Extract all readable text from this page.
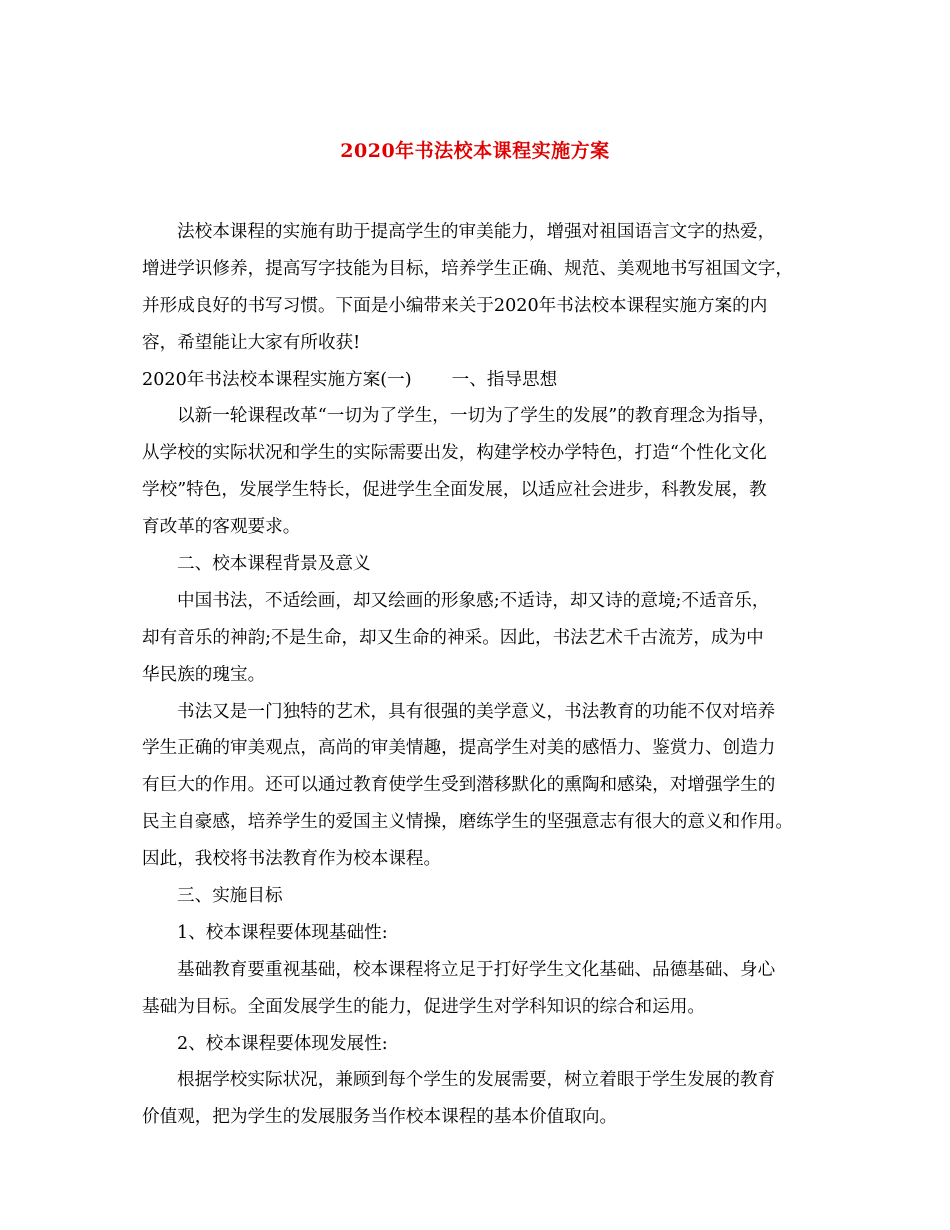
2020年书法校本课程实施方案
法校本课程的实施有助于提高学生的审美能力，增强对祖国语言文字的热爱，
增进学识修养，提高写字技能为目标，培养学生正确、规范、美观地书写祖国文字，
并形成良好的书写习惯。下面是小编带来关于2020年书法校本课程实施方案的内
容，希望能让大家有所收获!
2020年书法校本课程实施方案(一) 一、指导思想
以新一轮课程改革“一切为了学生，一切为了学生的发展”的教育理念为指导，
从学校的实际状况和学生的实际需要出发，构建学校办学特色，打造“个性化文化
学校”特色，发展学生特长，促进学生全面发展，以适应社会进步，科教发展，教
育改革的客观要求。
二、校本课程背景及意义
中国书法，不适绘画，却又绘画的形象感;不适诗，却又诗的意境;不适音乐，
却有音乐的神韵;不是生命，却又生命的神采。因此，书法艺术千古流芳，成为中
华民族的瑰宝。
书法又是一门独特的艺术，具有很强的美学意义，书法教育的功能不仅对培养
学生正确的审美观点，高尚的审美情趣，提高学生对美的感悟力、鉴赏力、创造力
有巨大的作用。还可以通过教育使学生受到潜移默化的熏陶和感染，对增强学生的
民主自豪感，培养学生的爱国主义情操，磨练学生的坚强意志有很大的意义和作用。
因此，我校将书法教育作为校本课程。
三、实施目标
1、校本课程要体现基础性:
基础教育要重视基础，校本课程将立足于打好学生文化基础、品德基础、身心
基础为目标。全面发展学生的能力，促进学生对学科知识的综合和运用。
2、校本课程要体现发展性:
根据学校实际状况，兼顾到每个学生的发展需要，树立着眼于学生发展的教育
价值观，把为学生的发展服务当作校本课程的基本价值取向。
